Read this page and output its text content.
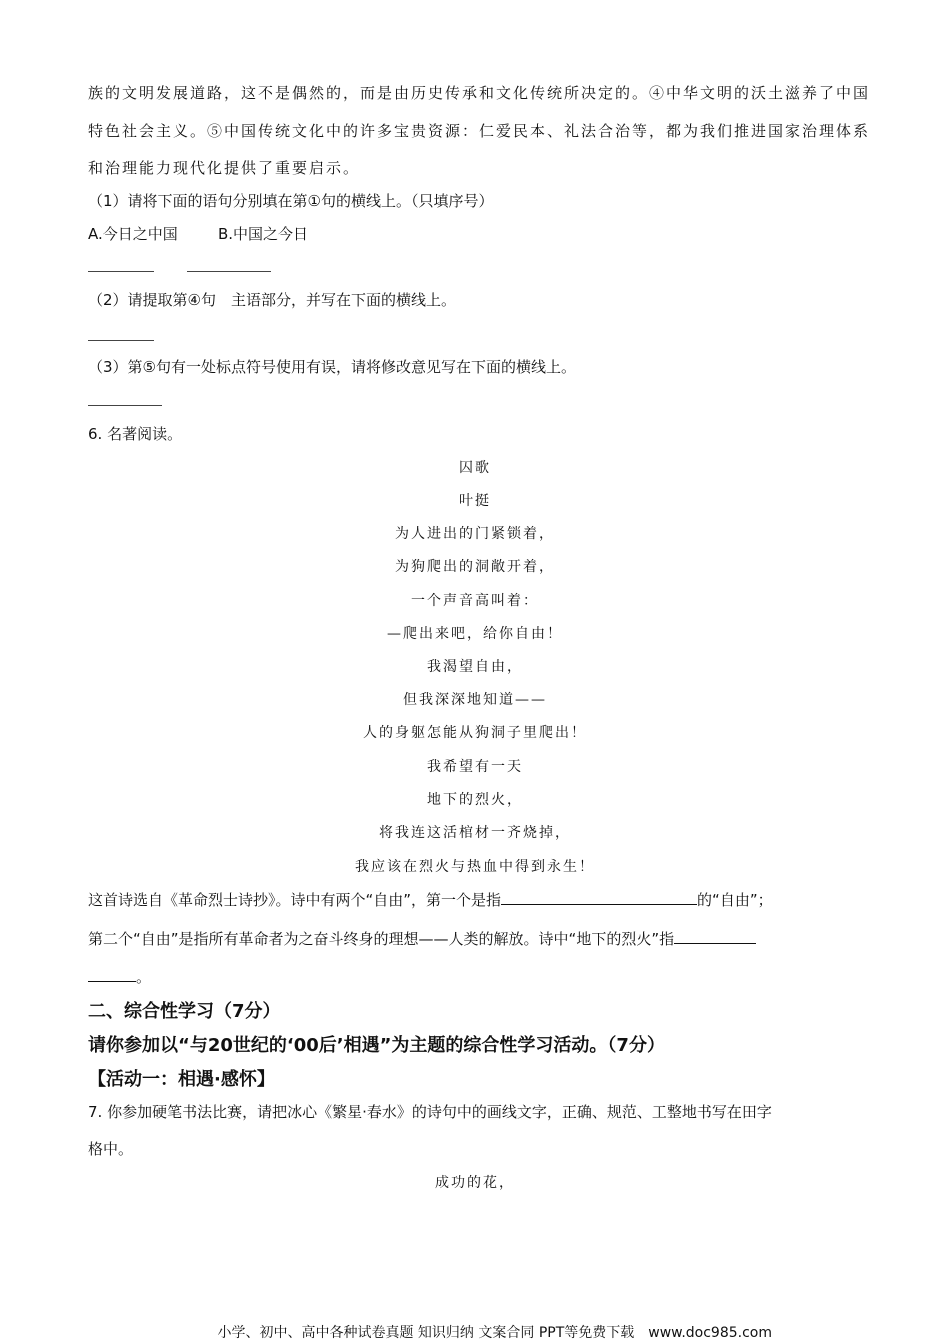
族的文明发展道路，这不是偶然的，而是由历史传承和文化传统所决定的。④中华文明的沃土滋养了中国
特色社会主义。⑤中国传统文化中的许多宝贵资源：仁爱民本、礼法合治等，都为我们推进国家治理体系
和治理能力现代化提供了重要启示。
（1）请将下面的语句分别填在第①句的横线上。（只填序号）
A.今日之中国	B.中国之今日
（2）请提取第④句　主语部分，并写在下面的横线上。
（3）第⑤句有一处标点符号使用有误，请将修改意见写在下面的横线上。
6. 名著阅读。
囚歌
叶挺
为人进出的门紧锁着，
为狗爬出的洞敞开着，
一个声音高叫着：
—爬出来吧，给你自由！
我渴望自由，
但我深深地知道——
人的身躯怎能从狗洞子里爬出！
我希望有一天
地下的烈火，
将我连这活棺材一齐烧掉，
我应该在烈火与热血中得到永生！
这首诗选自《革命烈士诗抄》。诗中有两个“自由”，第一个是指	的“自由”；
第二个“自由”是指所有革命者为之奋斗终身的理想——人类的解放。诗中“地下的烈火”指
。
二、综合性学习（7分）
请你参加以“与20世纪的‘00后’相遇”为主题的综合性学习活动。（7分）
【活动一：相遇·感怀】
7. 你参加硬笔书法比赛，请把冰心《繁星·春水》的诗句中的画线文字，正确、规范、工整地书写在田字
格中。
成功的花，
小学、初中、高中各种试卷真题 知识归纳 文案合同 PPT等免费下载　www.doc985.com
